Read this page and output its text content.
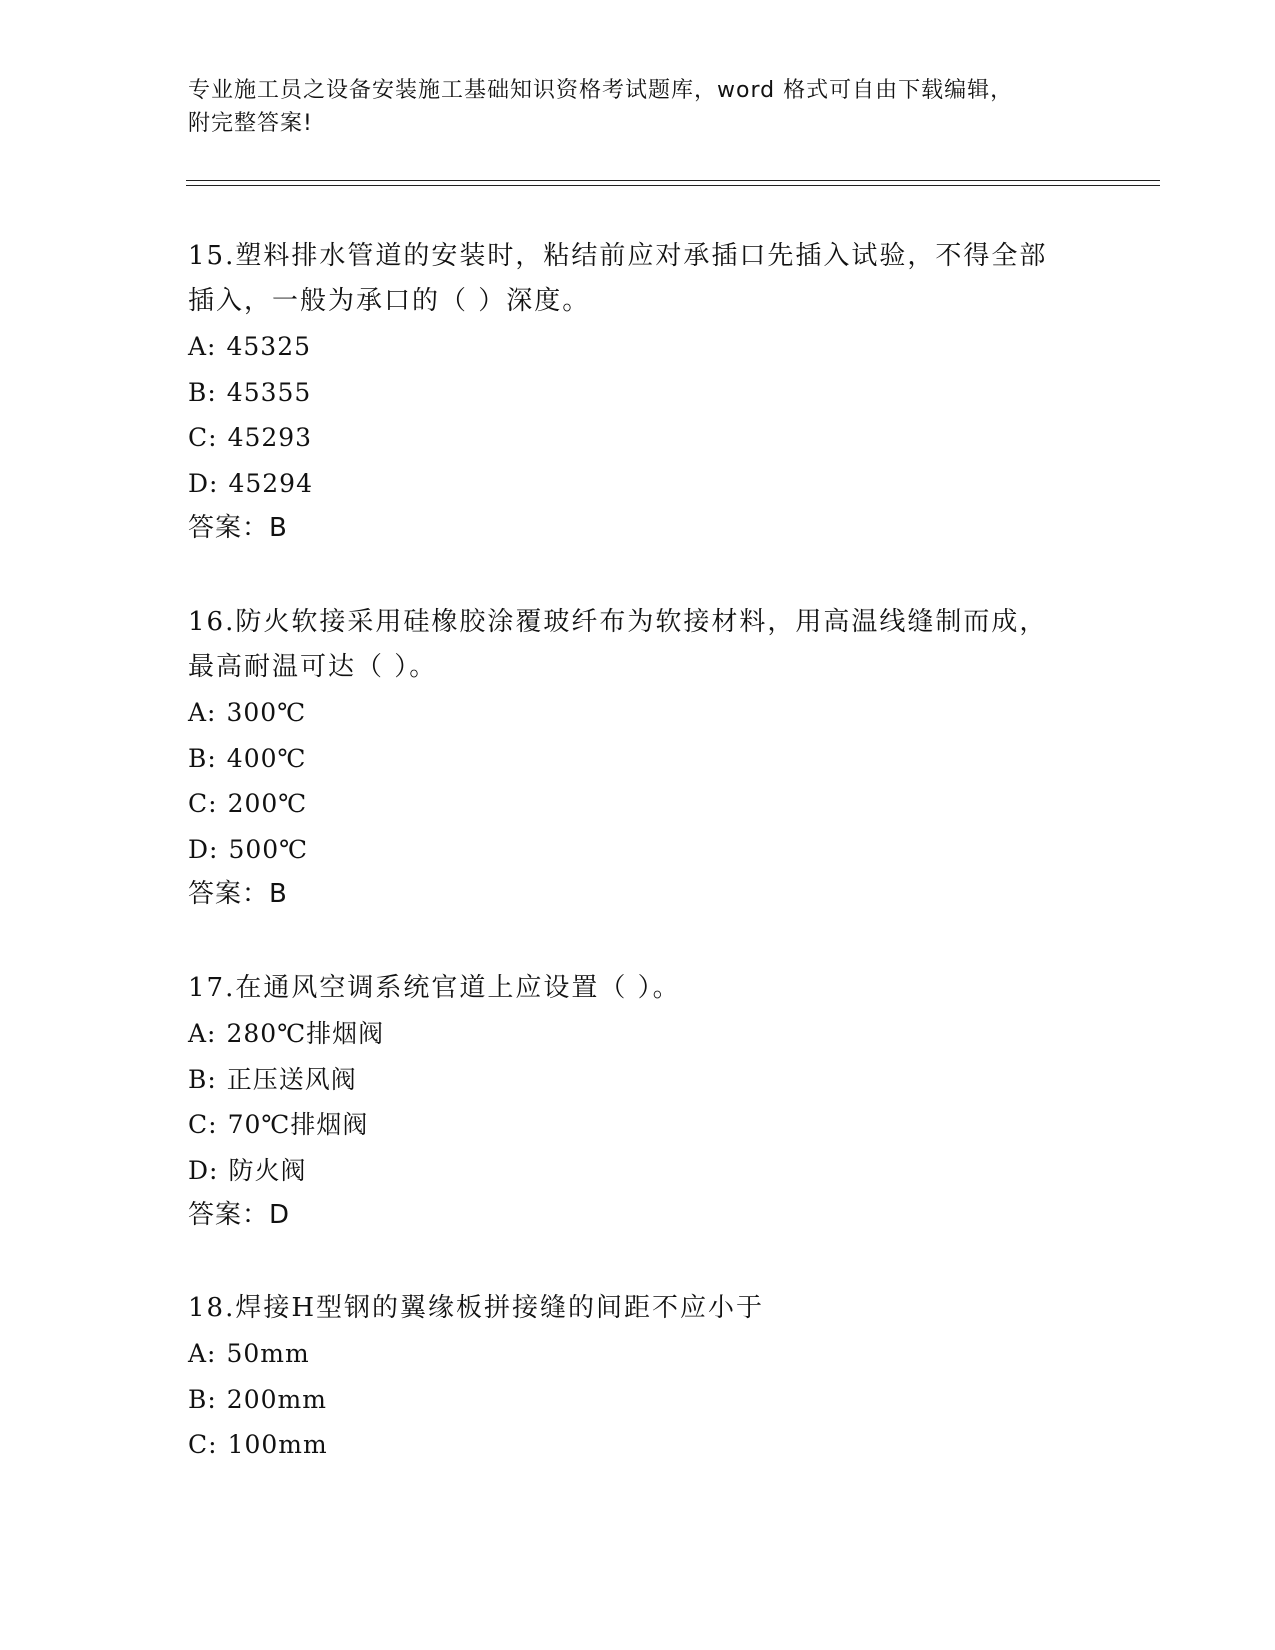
专业施工员之设备安装施工基础知识资格考试题库，word 格式可自由下载编辑，
附完整答案!

15.塑料排水管道的安装时，粘结前应对承插口先插入试验，不得全部插入，一般为承口的（ ）深度。

A: 45325
B: 45355
C: 45293
D: 45294
答案：B

16.防火软接采用硅橡胶涂覆玻纤布为软接材料，用高温线缝制而成，最高耐温可达（ ）。

A: 300℃
B: 400℃
C: 200℃
D: 500℃
答案：B

17.在通风空调系统官道上应设置（ ）。

A: 280℃排烟阀
B: 正压送风阀
C: 70℃排烟阀
D: 防火阀
答案：D

18.焊接H型钢的翼缘板拼接缝的间距不应小于

A: 50mm
B: 200mm
C: 100mm
